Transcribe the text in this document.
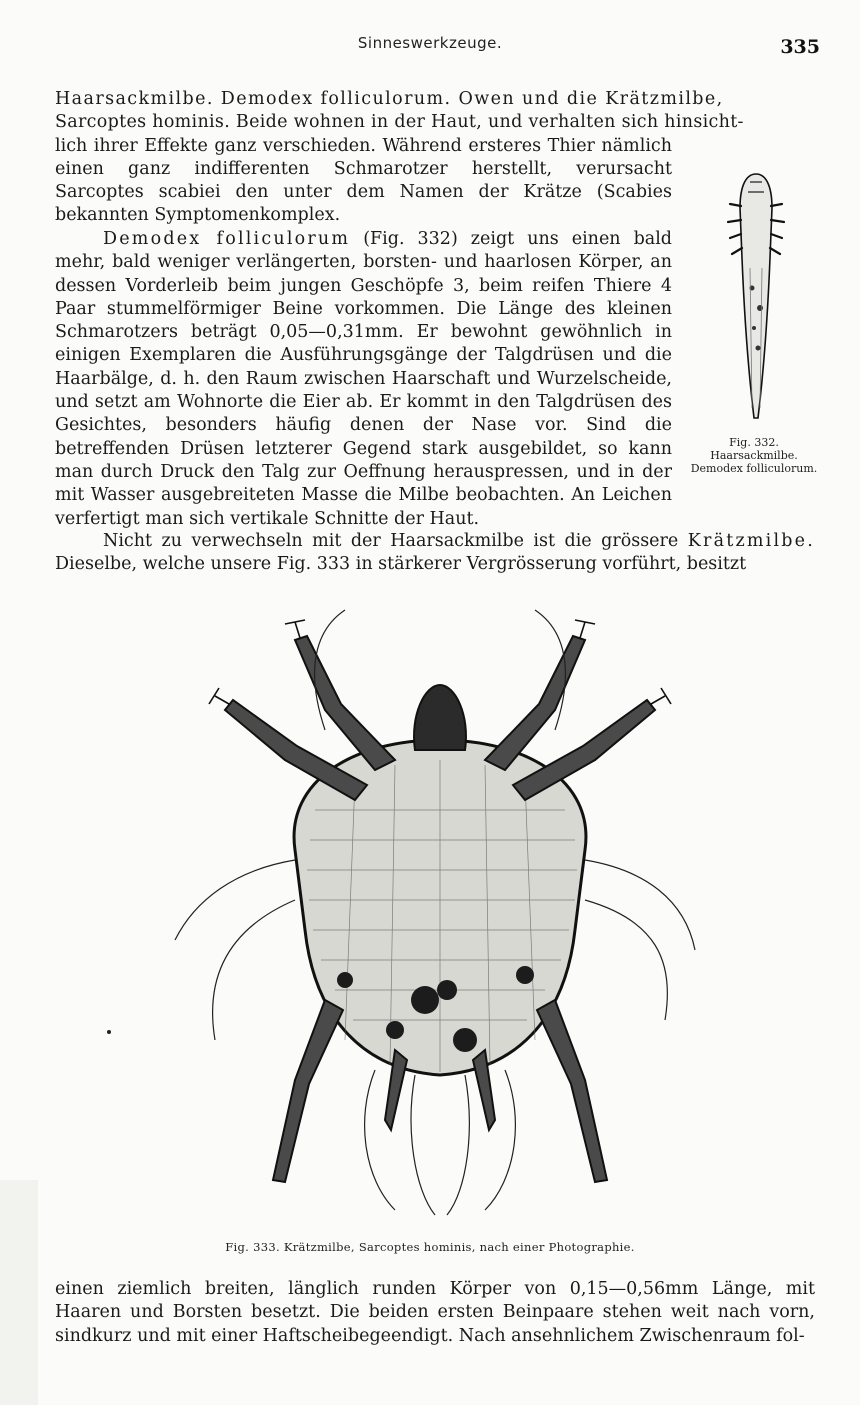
Sinneswerkzeuge.	335

Haarsackmilbe. Demodex folliculorum. Owen und die Krätzmilbe,

Sarcoptes hominis. Beide wohnen in der Haut, und verhalten sich hinsicht-

lich ihrer Effekte ganz verschieden. Während ersteres Thier nämlich einen ganz indifferenten Schmarotzer herstellt, verursacht Sarcoptes scabiei den unter dem Namen der Krätze (Scabies bekannten Symptomenkomplex.

Demodex folliculorum (Fig. 332) zeigt uns einen bald mehr, bald weniger verlängerten, borsten- und haarlosen Körper, an dessen Vorderleib beim jungen Geschöpfe 3, beim reifen Thiere 4 Paar stummelförmiger Beine vorkommen. Die Länge des kleinen Schmarotzers beträgt 0,05—0,31mm. Er bewohnt gewöhnlich in einigen Exemplaren die Ausführungsgänge der Talgdrüsen und die Haarbälge, d. h. den Raum zwischen Haarschaft und Wurzelscheide, und setzt am Wohnorte die Eier ab. Er kommt in den Talgdrüsen des Gesichtes, besonders häufig denen der Nase vor. Sind die betreffenden Drüsen letzterer Gegend stark ausgebildet, so kann man durch Druck den Talg zur Oeffnung herauspressen, und in der mit Wasser ausgebreiteten Masse die Milbe beobachten. An Leichen verfertigt man sich vertikale Schnitte der Haut.

Fig. 332. Haarsackmilbe. Demodex folliculorum.

Nicht zu verwechseln mit der Haarsackmilbe ist die grössere Krätzmilbe. Dieselbe, welche unsere Fig. 333 in stärkerer Vergrösserung vorführt, besitzt

Fig. 333. Krätzmilbe, Sarcoptes hominis, nach einer Photographie.

einen ziemlich breiten, länglich runden Körper von 0,15—0,56mm Länge, mit Haaren und Borsten besetzt. Die beiden ersten Beinpaare stehen weit nach vorn, sindkurz und mit einer Haftscheibegeendigt. Nach ansehnlichem Zwischenraum fol-
